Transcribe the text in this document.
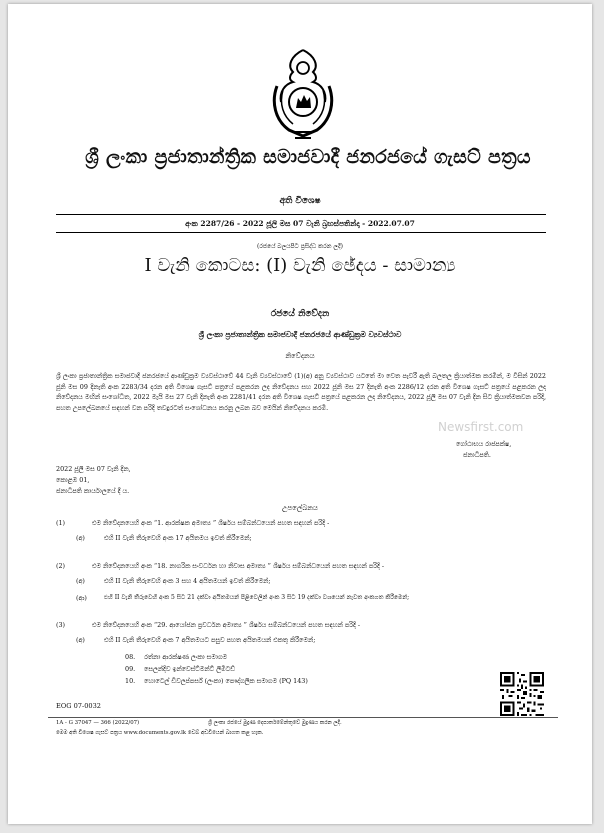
ශ්‍රී ලංකා ප්‍රජාතාන්ත්‍රික සමාජවාදී ජනරජයේ ගැසට් පත්‍රය
අති විශෙෂ
අංක 2287/26 - 2022 ජූලි මස 07 වැනි බ්‍රහස්පතින්දා - 2022.07.07
(රජයේ බලයපිට ප්‍රසිද්ධ කරන ලදී)
I වැනි කොටස: (I) වැනි ඡේදය - සාමාන්‍ය
රජයේ නිවේදන
ශ්‍රී ලංකා ප්‍රජාතාන්ත්‍රික සමාජවාදී ජනරජයේ ආණ්ඩුක්‍රම ව්‍යවස්ථාව
නිවේදනය

ශ්‍රී ලංකා ප්‍රජාතාන්ත්‍රික සමාජවාදී ජනරජයේ ආණ්ඩුක්‍රම ව්‍යවස්ථාවේ 44 වැනි ව්‍යවස්ථාවේ (1)(අ) අනු ව්‍යවස්ථාව යටතේ මා වෙත පැවරී ඇති බලතල ක්‍රියාත්මක කරමින්, ම විසින් 2022 ජූනි මස 09 දිනැති අංක 2283/34 දරන අති විශෙෂ ගැසට් පත්‍රයේ පළකරන ලද නිවේදනය සහ 2022 ජූනි මස 27 දිනැති අංක 2286/12 දරන අති විශෙෂ ගැසට් පත්‍රයේ පළකරන ලද නිවේදනය මඟින් සංශෝධිත, 2022 මැයි මස 27 වැනි දිනැති අංක 2281/41 දරන අති විශෙෂ ගැසට් පත්‍රයේ පළකරන ලද නිවේදනය, 2022 ජූලි මස 07 වැනි දින සිට ක්‍රියාත්මකවන පරිදි, පහත උපලේඛනයේ සඳහන් වන පරිදි තවදුරටත් සංශෝධනය කරනු ලබන බව මෙයින් නිවේදනය කරමි.

Newsfirst.com
ගෝඨාභය රාජපක්ෂ,
ජනාධිපති.
2022 ජූලි මස 07 වැනි දින,
කොළඹ 01,
ජනාධිපති කාර්යාලයේ දී ය.
උපලේඛනය
(1)	එම නිවේදනයෙහි අංක “1. ආරක්ෂක අමාත්‍ය ” ශීර්ෂය සම්බන්ධයෙන් පහත සඳහන් පරිදි -
(අ)	එහි II වැනි තීරුවෙහි අංක 17 අයිතමය ඉවත් කිරීමෙන්;
(2)	එම නිවේදනයෙහි අංක “18. නාගරික සංවර්ධන හා නිවාස අමාත්‍ය ” ශීර්ෂය සම්බන්ධයෙන් පහත සඳහන් පරිදි -
(අ)	එහි II වැනි තීරුවෙහි අංක 3 සහ 4 අයිතමයන් ඉවත් කිරීමෙන්;
(ආ)	එහි II වැනි තීරුවෙහි අංක 5 සිට 21 දක්වා අයිතමයන් පිළිවෙලින් අංක 3 සිට 19 දක්වා වශයෙන් නැවත අංකගත කිරීමෙන්;
(3)	එම නිවේදනයෙහි අංක “29. ආයෝජන ප්‍රවර්ධන අමාත්‍ය ” ශීර්ෂය සම්බන්ධයෙන් පහත සඳහන් පරිදි -
(අ)	එහි II වැනි තීරුවෙහි අංක 7 අයිතමයට පසුව පහත අයිතමයන් එකතු කිරීමෙන්;
08. රත්නා ආරක්ෂණ ලංකා සමාගම
09. සෙලන්දිව ඉන්වෙස්ට්මන්ට් ලිමිටඩ්
10. හොටෙල් ඩිවලප්පර්ස් (ලංකා) පෞද්ගලික සමාගම (PQ 143)
EOG 07-0032
1A - G 37047 — 366 (2022/07)	ශ්‍රී ලංකා රජයේ මුද්‍රණ දෙපාර්තමේන්තුවේ මුද්‍රණය කරන ලදී.
මෙම අති විශෙෂ ගැසට් පත්‍රය www.documents.gov.lk වෙබ් අඩවියෙන් බාගත කළ හැක.
